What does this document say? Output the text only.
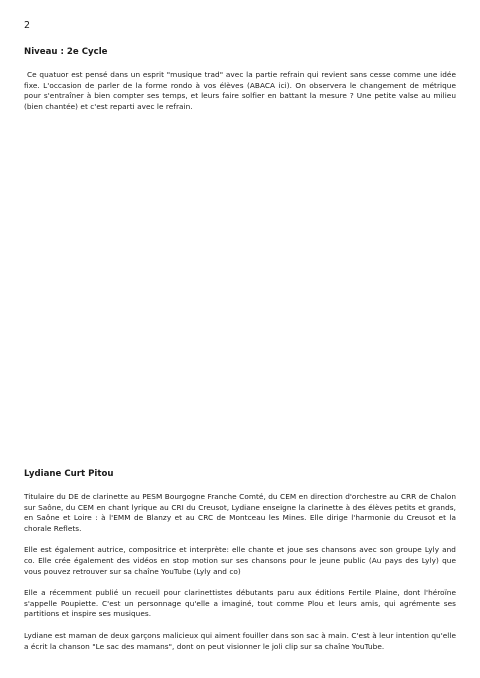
2
Niveau : 2e Cycle

Ce quatuor est pensé dans un esprit "musique trad" avec la partie refrain qui revient sans cesse comme une idée fixe. L'occasion de parler de la forme rondo à vos élèves (ABACA ici). On observera le changement de métrique pour s'entraîner à bien compter ses temps, et leurs faire solfier en battant la mesure ? Une petite valse au milieu (bien chantée) et c'est reparti avec le refrain.

Lydiane Curt Pitou

Titulaire du DE de clarinette au PESM Bourgogne Franche Comté, du CEM en direction d'orchestre au CRR de Chalon sur Saône, du CEM en chant lyrique au CRI du Creusot, Lydiane enseigne la clarinette à des élèves petits et grands, en Saône et Loire : à l'EMM de Blanzy et au CRC de Montceau les Mines. Elle dirige l'harmonie du Creusot et la chorale Reflets.

Elle est également autrice, compositrice et interprète: elle chante et joue ses chansons avec son groupe Lyly and co. Elle crée également des vidéos en stop motion sur ses chansons pour le jeune public (Au pays des Lyly) que vous pouvez retrouver sur sa chaîne YouTube (Lyly and co)

Elle a récemment publié un recueil pour clarinettistes débutants paru aux éditions Fertile Plaine, dont l'héroïne s'appelle Poupiette. C'est un personnage qu'elle a imaginé, tout comme Plou et leurs amis, qui agrémente ses partitions et inspire ses musiques.

Lydiane est maman de deux garçons malicieux qui aiment fouiller dans son sac à main. C'est à leur intention qu'elle a écrit la chanson "Le sac des mamans", dont on peut visionner le joli clip sur sa chaîne YouTube.
